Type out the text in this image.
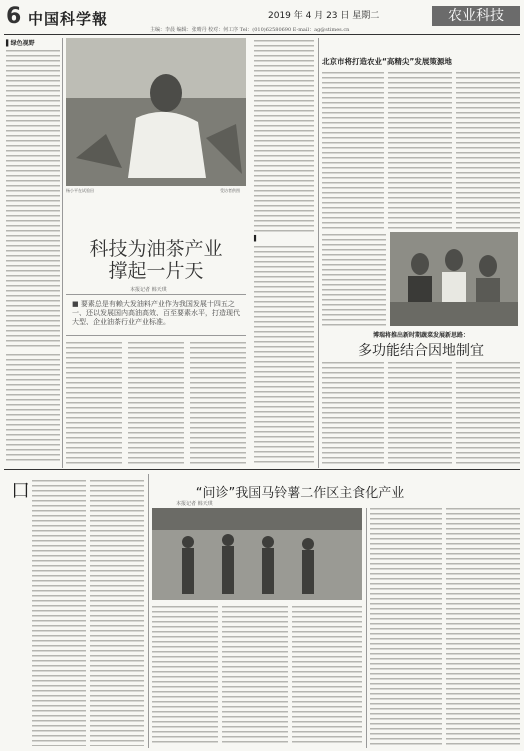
6 中国科学報	2019 年 4 月 23 日 星期二	农业科技
主编：李晨 编辑：张晴丹 校对：何工序 Tel：(010)62580690 E-mail：ag@stimes.cn
▌绿色视野
杨小平在试验田	受访者供图
科技为油茶产业
撑起一片天
本报记者 韩天琪
■ 要素总是有赖大发油料产业作为我国发展十四五之一、还以发展国内高油高效、百至要素水平，打造现代大型、企业油茶行业产业标准。
▌
北京市将打造农业“高精尖”发展策源地
博瑞将推出新时期蔬菜发展新思路：
多功能结合因地制宜
口	“问诊”我国马铃薯二作区主食化产业
本报记者 韩天琪
